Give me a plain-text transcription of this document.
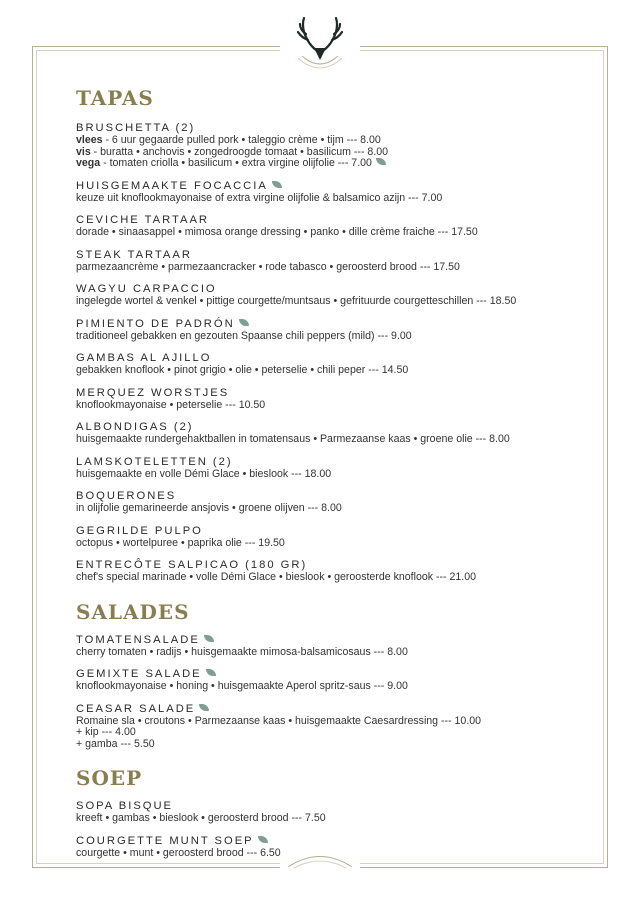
TAPAS
BRUSCHETTA (2)
vlees - 6 uur gegaarde pulled pork • taleggio crème • tijm --- 8.00
vis - buratta • anchovis • zongedroogde tomaat • basilicum --- 8.00
vega - tomaten criolla • basilicum • extra virgine olijfolie --- 7.00
HUISGEMAAKTE FOCACCIA
keuze uit knoflookmayonaise of extra virgine olijfolie & balsamico azijn --- 7.00
CEVICHE TARTAAR
dorade • sinaasappel • mimosa orange dressing • panko • dille crème fraiche --- 17.50
STEAK TARTAAR
parmezaancrème • parmezaancracker • rode tabasco • geroosterd brood --- 17.50
WAGYU CARPACCIO
ingelegde wortel & venkel • pittige courgette/muntsaus • gefrituurde courgetteschillen --- 18.50
PIMIENTO DE PADRÓN
traditioneel gebakken en gezouten Spaanse chili peppers (mild) --- 9.00
GAMBAS AL AJILLO
gebakken knoflook • pinot grigio • olie • peterselie • chili peper --- 14.50
MERQUEZ WORSTJES
knoflookmayonaise • peterselie --- 10.50
ALBONDIGAS (2)
huisgemaakte rundergehaktballen in tomatensaus • Parmezaanse kaas • groene olie --- 8.00
LAMSKOTELETTEN (2)
huisgemaakte en volle Démi Glace • bieslook --- 18.00
BOQUERONES
in olijfolie gemarineerde ansjovis • groene olijven --- 8.00
GEGRILDE PULPO
octopus • wortelpuree • paprika olie --- 19.50
ENTRECÔTE SALPICAO (180 GR)
chef's special marinade • volle Démi Glace • bieslook • geroosterde knoflook --- 21.00
SALADES
TOMATENSALADE
cherry tomaten • radijs • huisgemaakte mimosa-balsamicosaus --- 8.00
GEMIXTE SALADE
knoflookmayonaise • honing • huisgemaakte Aperol spritz-saus --- 9.00
CEASAR SALADE
Romaine sla • croutons • Parmezaanse kaas • huisgemaakte Caesardressing --- 10.00
+ kip --- 4.00
+ gamba --- 5.50
SOEP
SOPA BISQUE
kreeft • gambas • bieslook • geroosterd brood --- 7.50
COURGETTE MUNT SOEP
courgette • munt • geroosterd brood --- 6.50
